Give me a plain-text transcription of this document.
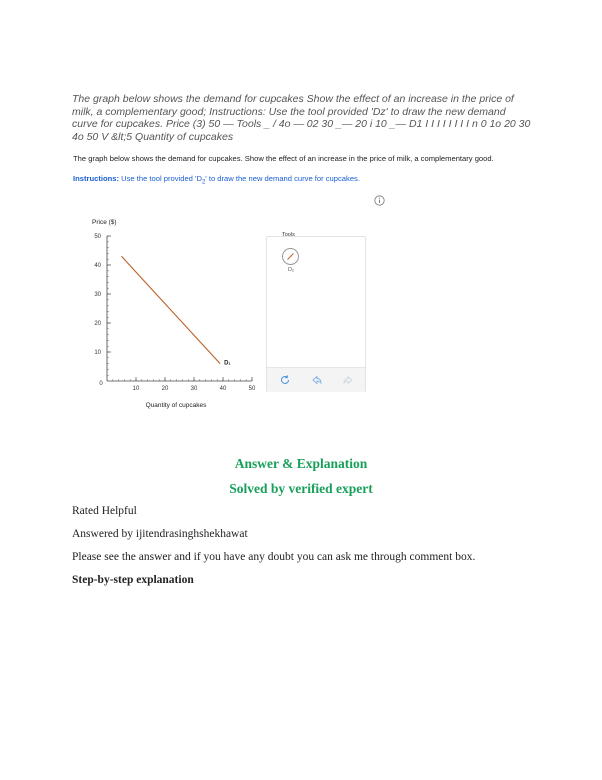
The graph below shows the demand for cupcakes Show the effect of an increase in the price of milk, a complementary good; Instructions: Use the tool provided 'Dz' to draw the new demand curve for cupcakes. Price (3) 50 — Tools _ / 4o — 02 30 _— 20 i 10 _— D1 I I I I I I I I n 0 1o 20 30 4o 50 V &lt;5 Quantity of cupcakes
The graph below shows the demand for cupcakes. Show the effect of an increase in the price of milk, a complementary good.
Instructions: Use the tool provided '$D_2$' to draw the new demand curve for cupcakes.
Price ($)
Quantity of cupcakes
0
10
20
30
40
50
10	20	30	40	50
D₁
Tools
D₂
Answer & Explanation
Solved by verified expert
Rated Helpful
Answered by ijitendrasinghshekhawat
Please see the answer and if you have any doubt you can ask me through comment box.
Step-by-step explanation
